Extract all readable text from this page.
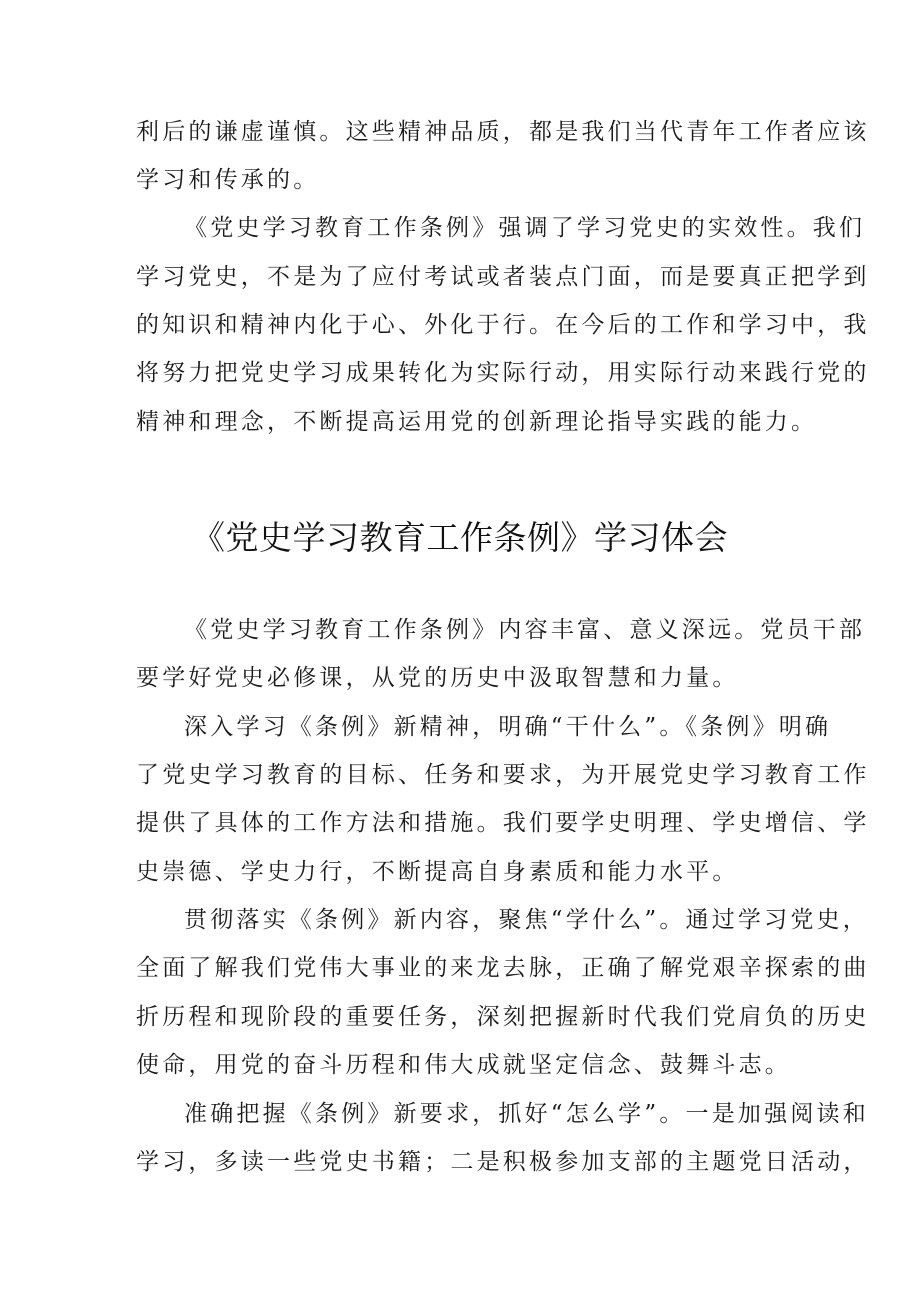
利后的谦虚谨慎。这些精神品质，都是我们当代青年工作者应该
学习和传承的。
《党史学习教育工作条例》强调了学习党史的实效性。我们
学习党史，不是为了应付考试或者装点门面，而是要真正把学到
的知识和精神内化于心、外化于行。在今后的工作和学习中，我
将努力把党史学习成果转化为实际行动，用实际行动来践行党的
精神和理念，不断提高运用党的创新理论指导实践的能力。
《党史学习教育工作条例》学习体会
《党史学习教育工作条例》内容丰富、意义深远。党员干部
要学好党史必修课，从党的历史中汲取智慧和力量。
深入学习《条例》新精神，明确“干什么”。《条例》明确
了党史学习教育的目标、任务和要求，为开展党史学习教育工作
提供了具体的工作方法和措施。我们要学史明理、学史增信、学
史崇德、学史力行，不断提高自身素质和能力水平。
贯彻落实《条例》新内容，聚焦“学什么”。通过学习党史，
全面了解我们党伟大事业的来龙去脉，正确了解党艰辛探索的曲
折历程和现阶段的重要任务，深刻把握新时代我们党肩负的历史
使命，用党的奋斗历程和伟大成就坚定信念、鼓舞斗志。
准确把握《条例》新要求，抓好“怎么学”。一是加强阅读和
学习，多读一些党史书籍；二是积极参加支部的主题党日活动，
